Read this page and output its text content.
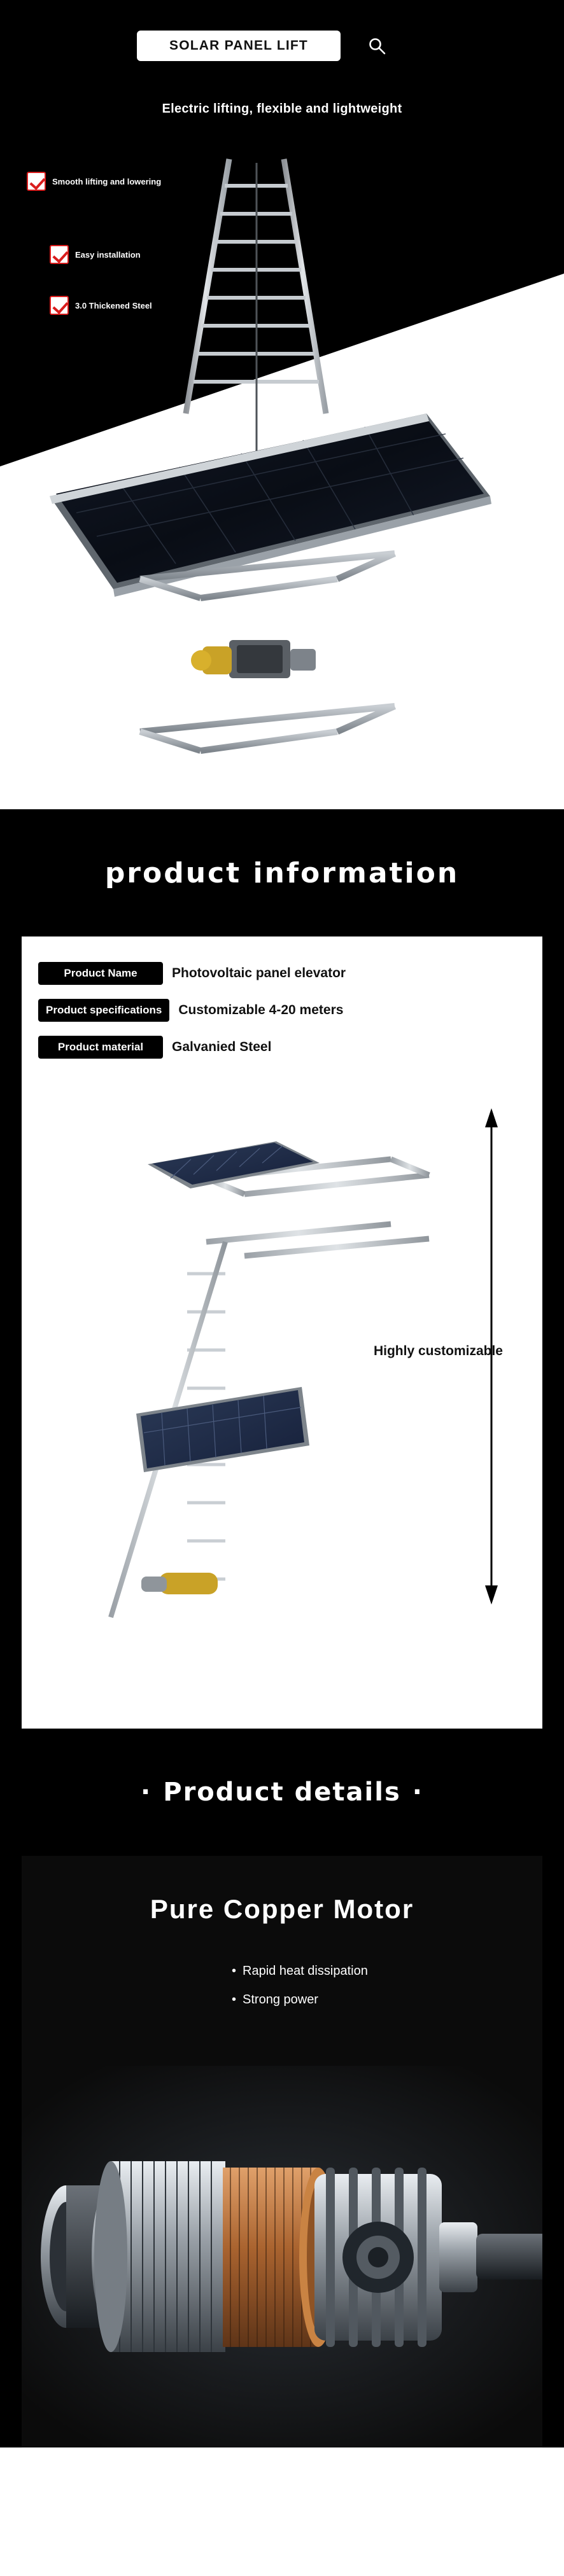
SOLAR PANEL LIFT
Electric lifting, flexible and lightweight
Smooth lifting and lowering
Easy installation
3.0 Thickened Steel
product information
Product Name	Photovoltaic panel elevator
Product specifications	Customizable 4-20 meters
Product material	Galvanied Steel
Highly customizable
· Product details ·
Pure Copper Motor
• Rapid heat dissipation
• Strong power
